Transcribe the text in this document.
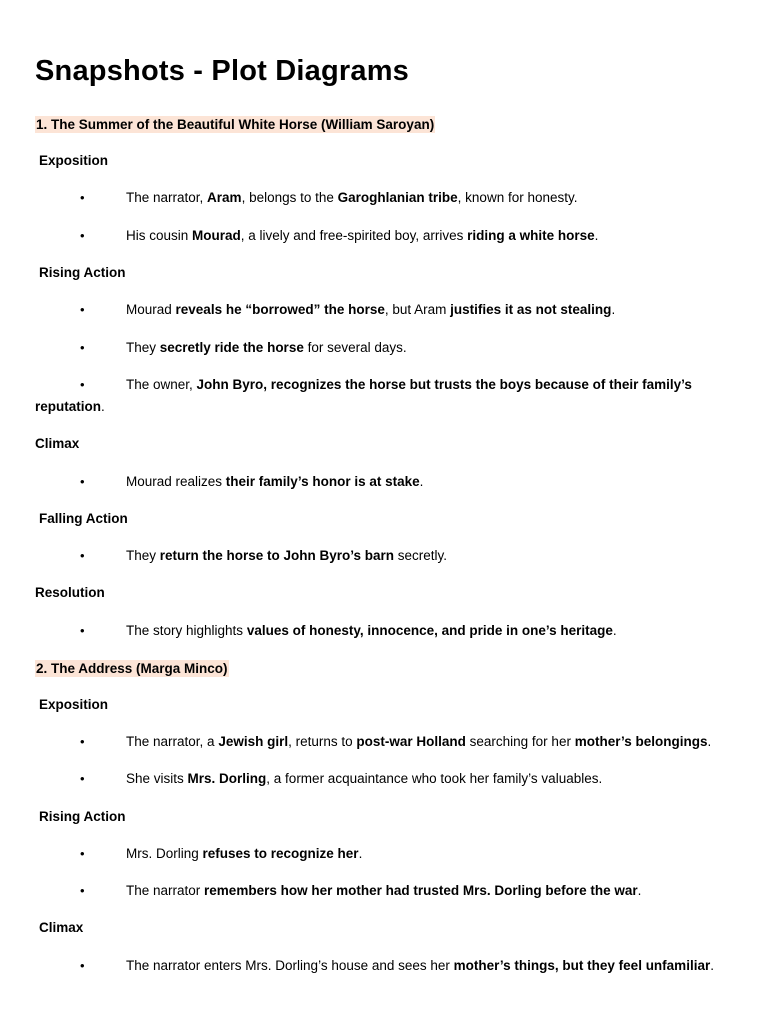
Snapshots - Plot Diagrams
1. The Summer of the Beautiful White Horse (William Saroyan)
Exposition
•	The narrator, Aram, belongs to the Garoghlanian tribe, known for honesty.
•	His cousin Mourad, a lively and free-spirited boy, arrives riding a white horse.
Rising Action
•	Mourad reveals he “borrowed” the horse, but Aram justifies it as not stealing.
•	They secretly ride the horse for several days.
•	The owner, John Byro, recognizes the horse but trusts the boys because of their family’s
reputation.
Climax
•	Mourad realizes their family’s honor is at stake.
Falling Action
•	They return the horse to John Byro’s barn secretly.
Resolution
•	The story highlights values of honesty, innocence, and pride in one’s heritage.
2. The Address (Marga Minco)
Exposition
•	The narrator, a Jewish girl, returns to post-war Holland searching for her mother’s belongings.
•	She visits Mrs. Dorling, a former acquaintance who took her family’s valuables.
Rising Action
•	Mrs. Dorling refuses to recognize her.
•	The narrator remembers how her mother had trusted Mrs. Dorling before the war.
Climax
•	The narrator enters Mrs. Dorling’s house and sees her mother’s things, but they feel unfamiliar.
